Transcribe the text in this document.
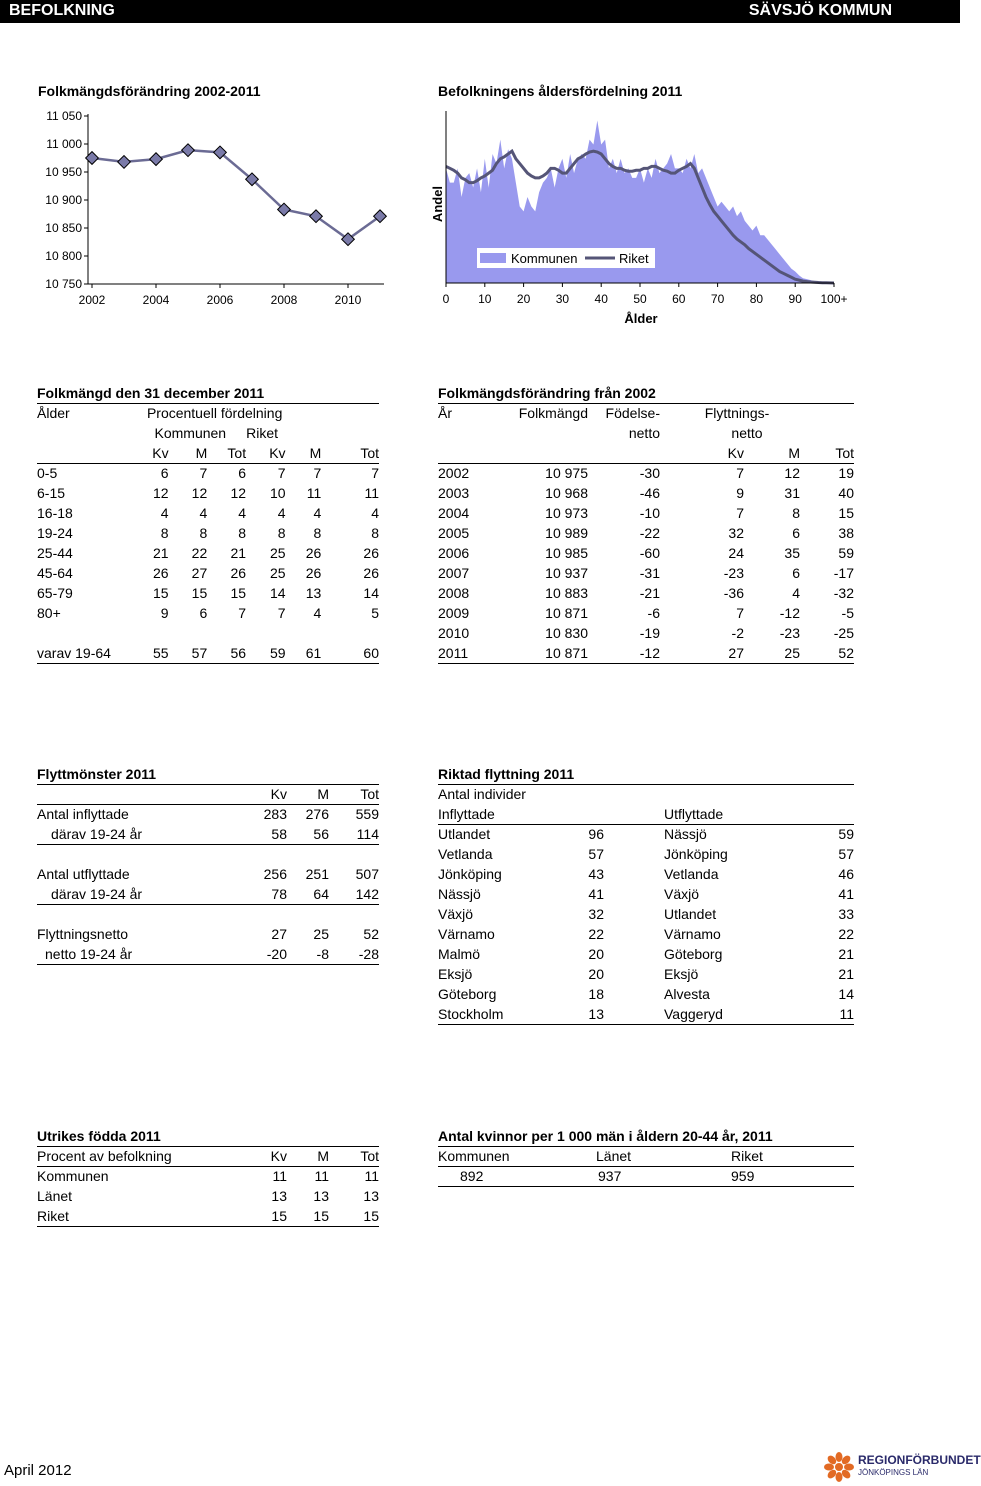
BEFOLKNING	SÄVSJÖ KOMMUN
Folkmängdsförändring 2002-2011
11 050
11 000
10 950
10 900
10 850
10 800
10 750
2002	2004	2006	2008	2010
Befolkningens åldersfördelning 2011
Andel
0 10 20 30 40 50 60 70 80 90 100+
Ålder
Kommunen	Riket
Folkmängd den 31 december 2011						
Ålder	Procentuell fördelning					
	Kommunen			Riket		
	Kv	M	Tot	Kv	M	Tot
0-5	6	7	6	7	7	7
6-15	12	12	12	10	11	11
16-18	4	4	4	4	4	4
19-24	8	8	8	8	8	8
25-44	21	22	21	25	26	26
45-64	26	27	26	25	26	26
65-79	15	15	15	14	13	14
80+	9	6	7	7	4	5

varav 19-64	55	57	56	59	61	60
Folkmängdsförändring från 2002					
År	Folkmängd	Födelse-	Flyttnings-		
		netto	netto		
			Kv	M	Tot
2002	10 975	-30	7	12	19
2003	10 968	-46	9	31	40
2004	10 973	-10	7	8	15
2005	10 989	-22	32	6	38
2006	10 985	-60	24	35	59
2007	10 937	-31	-23	6	-17
2008	10 883	-21	-36	4	-32
2009	10 871	-6	7	-12	-5
2010	10 830	-19	-2	-23	-25
2011	10 871	-12	27	25	52
Flyttmönster 2011			
	Kv	M	Tot
Antal inflyttade	283	276	559
därav 19-24 år	58	56	114

Antal utflyttade	256	251	507
därav 19-24 år	78	64	142

Flyttningsnetto	27	25	52
netto 19-24 år	-20	-8	-28
Riktad flyttning 2011				
Antal individer				
Inflyttade			Utflyttade	
Utlandet	96		Nässjö	59
Vetlanda	57		Jönköping	57
Jönköping	43		Vetlanda	46
Nässjö	41		Växjö	41
Växjö	32		Utlandet	33
Värnamo	22		Värnamo	22
Malmö	20		Göteborg	21
Eksjö	20		Eksjö	21
Göteborg	18		Alvesta	14
Stockholm	13		Vaggeryd	11
Utrikes födda 2011			
Procent av befolkning	Kv	M	Tot
Kommunen	11	11	11
Länet	13	13	13
Riket	15	15	15
Antal kvinnor per 1 000 män i åldern 20-44 år, 2011		
Kommunen	Länet	Riket
892	937	959
April 2012
REGIONFÖRBUNDET
JÖNKÖPINGS LÄN
